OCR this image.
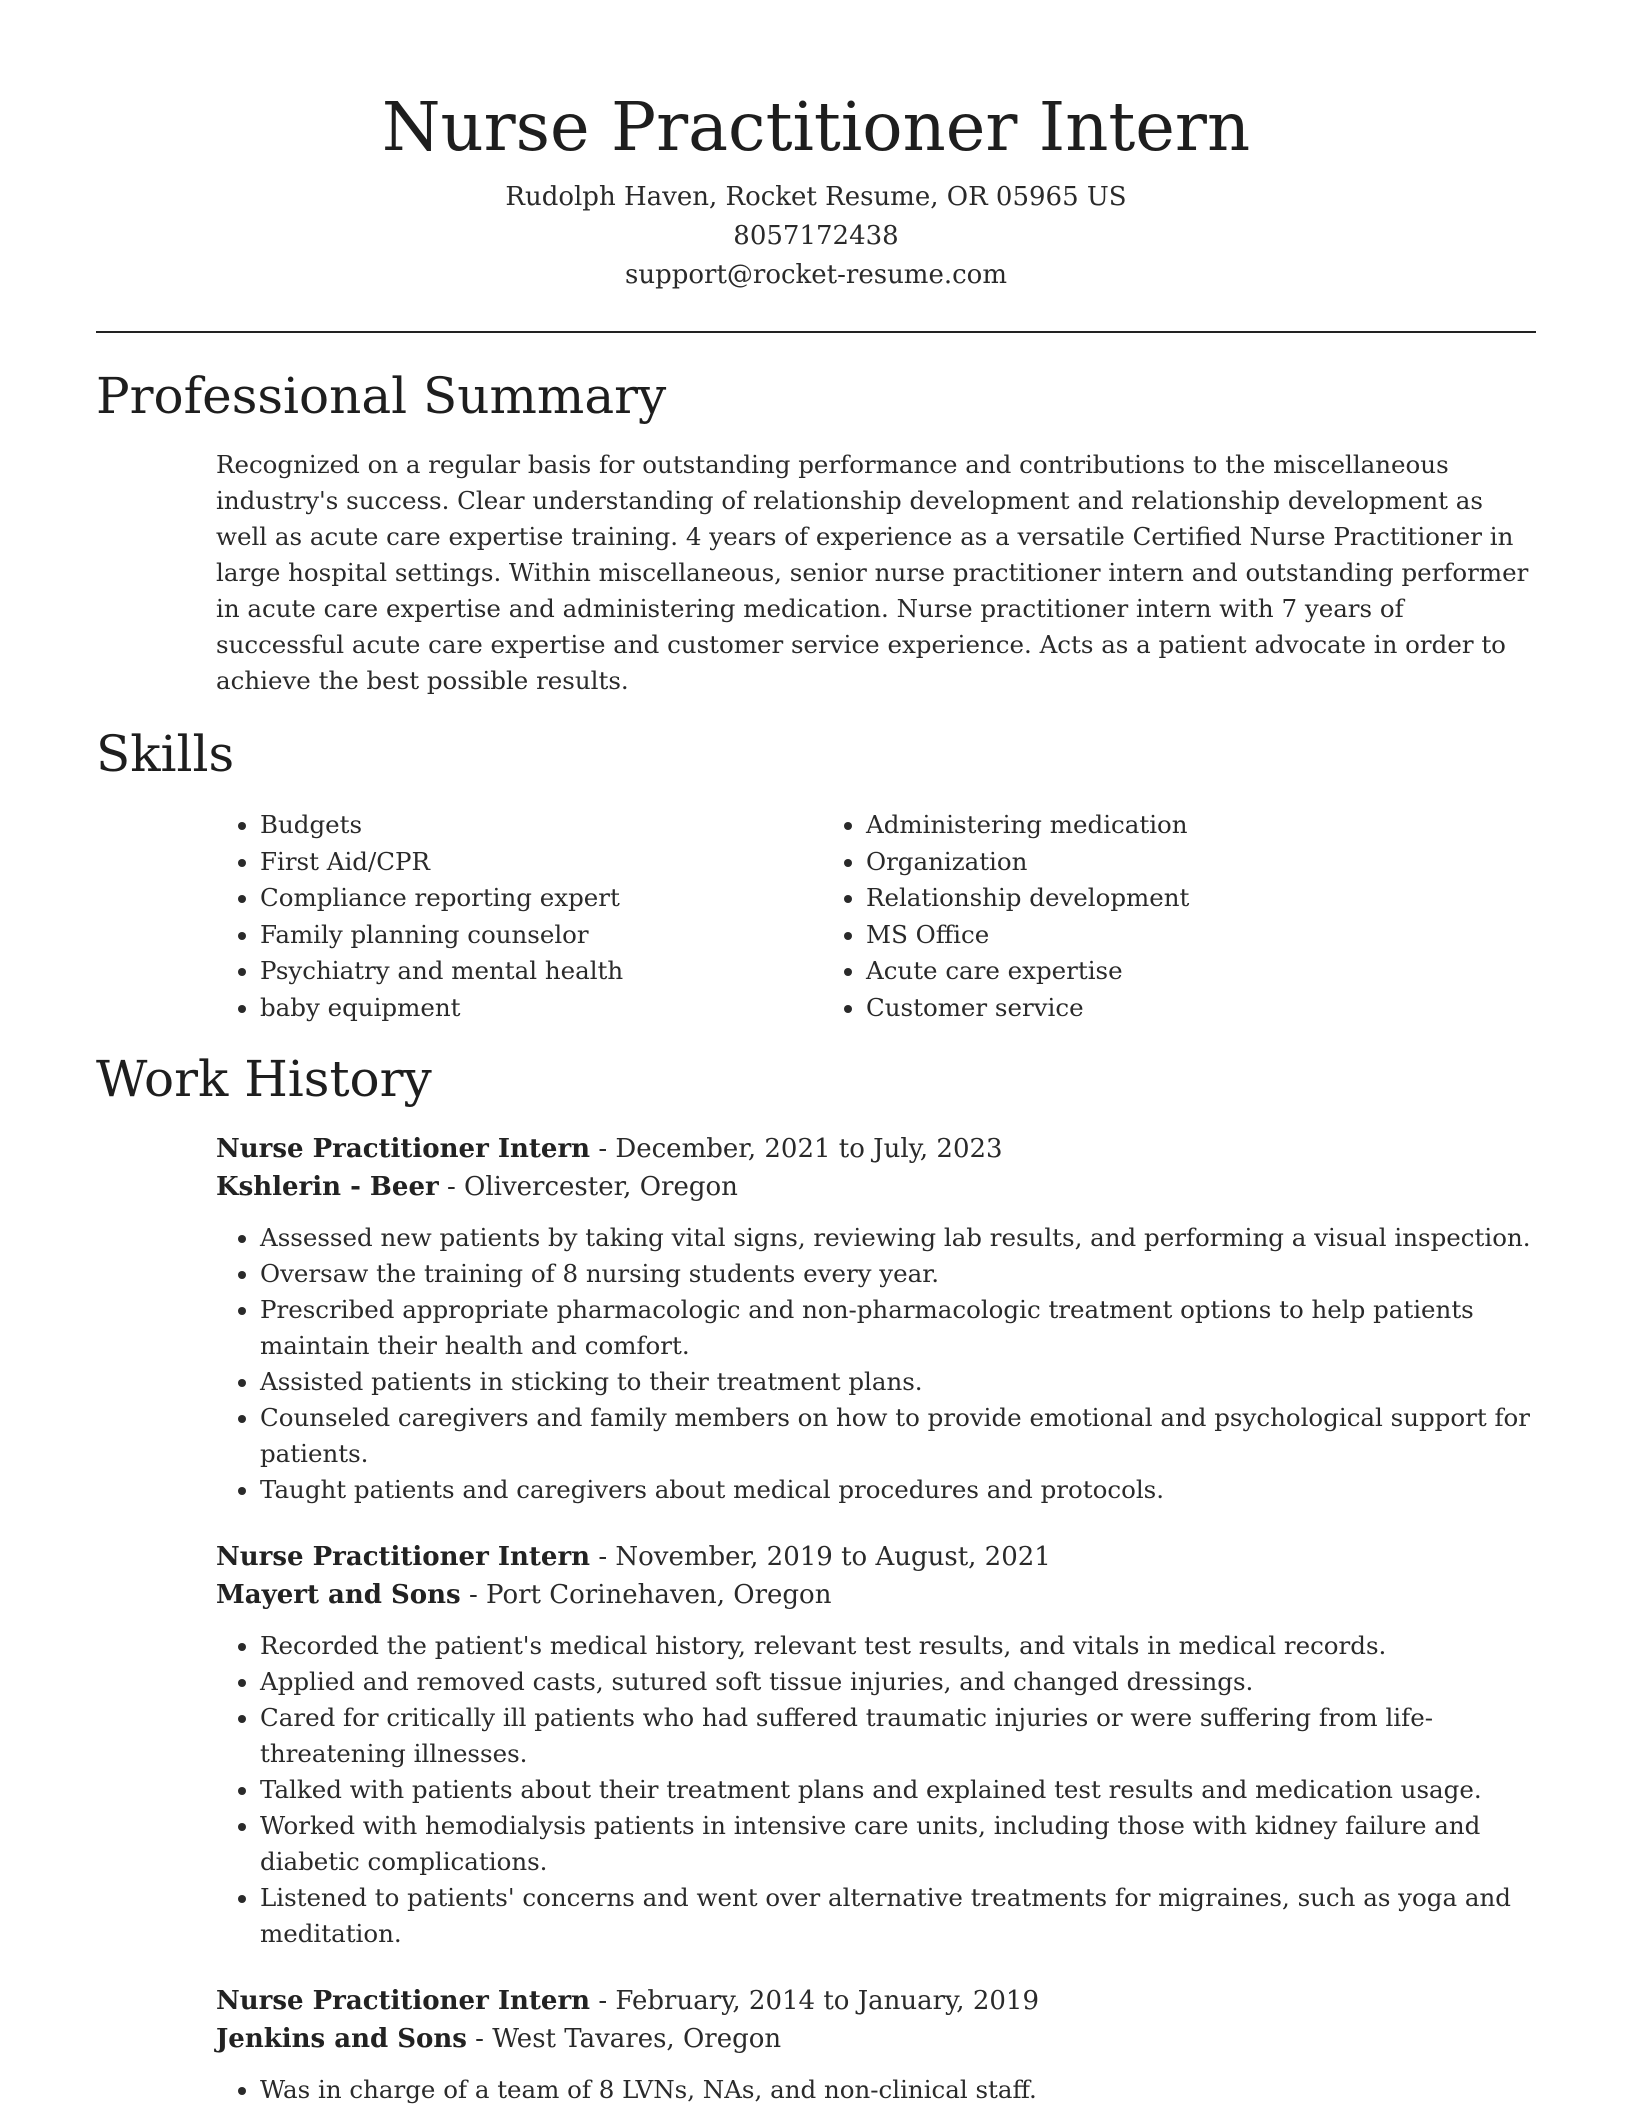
Nurse Practitioner Intern
Rudolph Haven, Rocket Resume, OR 05965 US
8057172438
support@rocket-resume.com
Professional Summary

Recognized on a regular basis for outstanding performance and contributions to the miscellaneous industry's success. Clear understanding of relationship development and relationship development as well as acute care expertise training. 4 years of experience as a versatile Certified Nurse Practitioner in large hospital settings. Within miscellaneous, senior nurse practitioner intern and outstanding performer in acute care expertise and administering medication. Nurse practitioner intern with 7 years of successful acute care expertise and customer service experience. Acts as a patient advocate in order to achieve the best possible results.

Skills
• Budgets
• First Aid/CPR
• Compliance reporting expert
• Family planning counselor
• Psychiatry and mental health
• baby equipment
• Administering medication
• Organization
• Relationship development
• MS Office
• Acute care expertise
• Customer service
Work History
Nurse Practitioner Intern - December, 2021 to July, 2023
Kshlerin - Beer - Olivercester, Oregon
• Assessed new patients by taking vital signs, reviewing lab results, and performing a visual inspection.
• Oversaw the training of 8 nursing students every year.
• Prescribed appropriate pharmacologic and non-pharmacologic treatment options to help patients maintain their health and comfort.
• Assisted patients in sticking to their treatment plans.
• Counseled caregivers and family members on how to provide emotional and psychological support for patients.
• Taught patients and caregivers about medical procedures and protocols.
Nurse Practitioner Intern - November, 2019 to August, 2021
Mayert and Sons - Port Corinehaven, Oregon
• Recorded the patient's medical history, relevant test results, and vitals in medical records.
• Applied and removed casts, sutured soft tissue injuries, and changed dressings.
• Cared for critically ill patients who had suffered traumatic injuries or were suffering from life-threatening illnesses.
• Talked with patients about their treatment plans and explained test results and medication usage.
• Worked with hemodialysis patients in intensive care units, including those with kidney failure and diabetic complications.
• Listened to patients' concerns and went over alternative treatments for migraines, such as yoga and meditation.
Nurse Practitioner Intern - February, 2014 to January, 2019
Jenkins and Sons - West Tavares, Oregon
• Was in charge of a team of 8 LVNs, NAs, and non-clinical staff.
